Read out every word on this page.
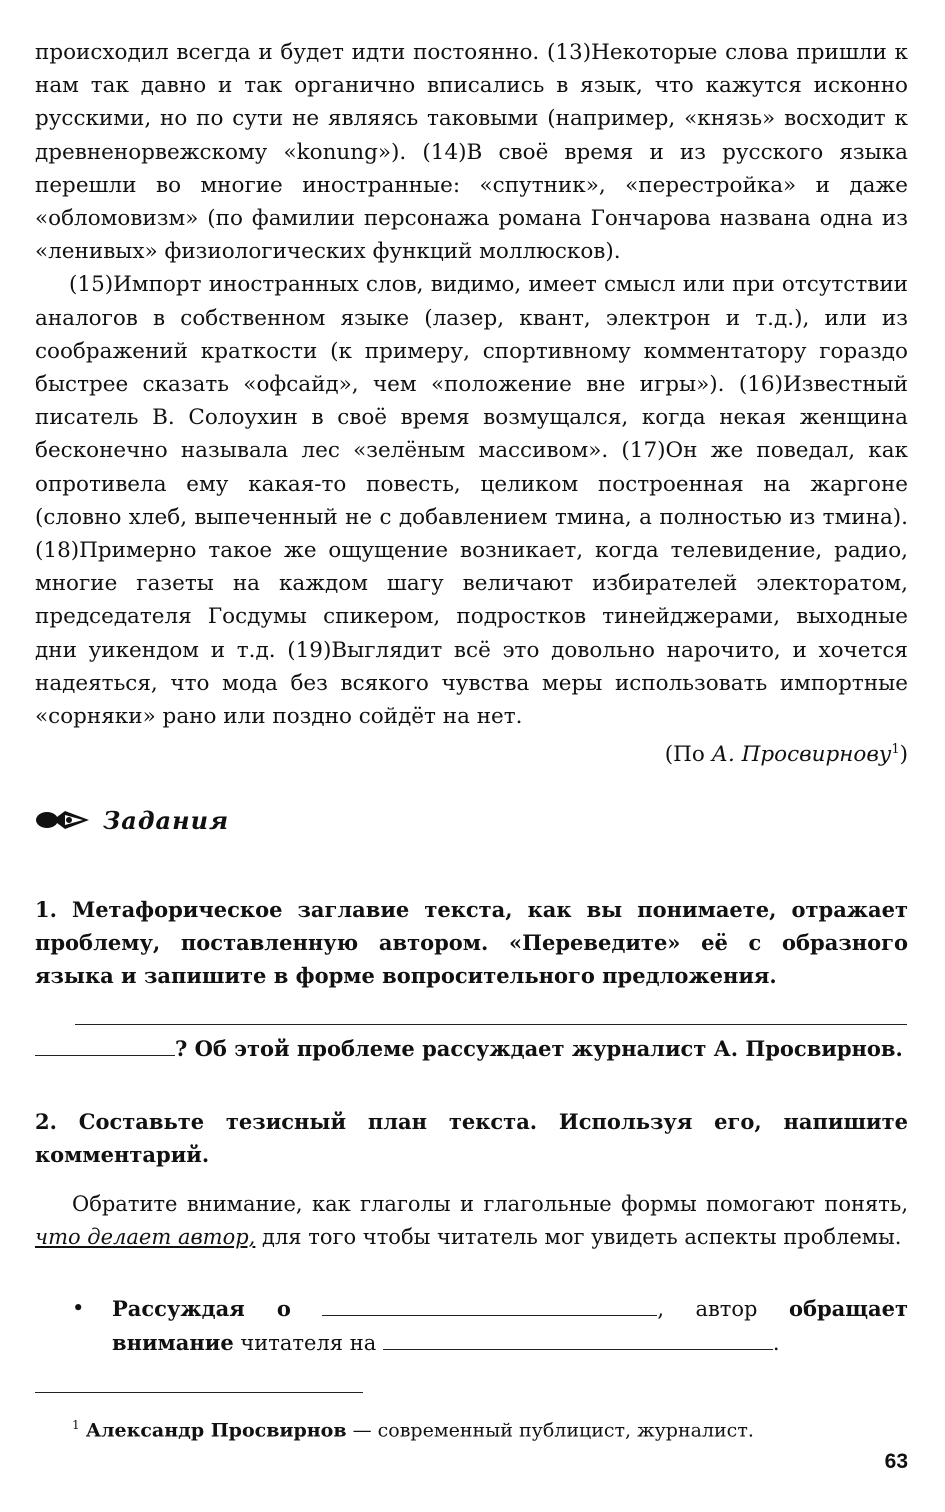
происходил всегда и будет идти постоянно. (13)Некоторые слова пришли к нам так давно и так органично вписались в язык, что кажутся исконно русскими, но по сути не являясь таковыми (например, «князь» восходит к древненорвежскому «konung»). (14)В своё время и из русского языка перешли во многие иностранные: «спутник», «перестройка» и даже «обломовизм» (по фамилии персонажа романа Гончарова названа одна из «ленивых» физиологических функций моллюсков).

(15)Импорт иностранных слов, видимо, имеет смысл или при отсутствии аналогов в собственном языке (лазер, квант, электрон и т.д.), или из соображений краткости (к примеру, спортивному комментатору гораздо быстрее сказать «офсайд», чем «положение вне игры»). (16)Известный писатель В. Солоухин в своё время возмущался, когда некая женщина бесконечно называла лес «зелёным массивом». (17)Он же поведал, как опротивела ему какая-то повесть, целиком построенная на жаргоне (словно хлеб, выпеченный не с добавлением тмина, а полностью из тмина). (18)Примерно такое же ощущение возникает, когда телевидение, радио, многие газеты на каждом шагу величают избирателей электоратом, председателя Госдумы спикером, подростков тинейджерами, выходные дни уикендом и т.д. (19)Выглядит всё это довольно нарочито, и хочется надеяться, что мода без всякого чувства меры использовать импортные «сорняки» рано или поздно сойдёт на нет.

(По А. Просвирнову$^1$)

Задания
1. Метафорическое заглавие текста, как вы понимаете, отражает проблему, поставленную автором. «Переведите» её с образного языка и запишите в форме вопросительного предложения.
? Об этой проблеме рассуждает журналист А. Просвирнов.
2. Составьте тезисный план текста. Используя его, напишите комментарий.
Обратите внимание, как глаголы и глагольные формы помогают понять, что делает автор, для того чтобы читатель мог увидеть аспекты проблемы.
• Рассуждая о	, автор обращает внимание читателя на	.
$^1$ Александр Просвирнов — современный публицист, журналист.
63
